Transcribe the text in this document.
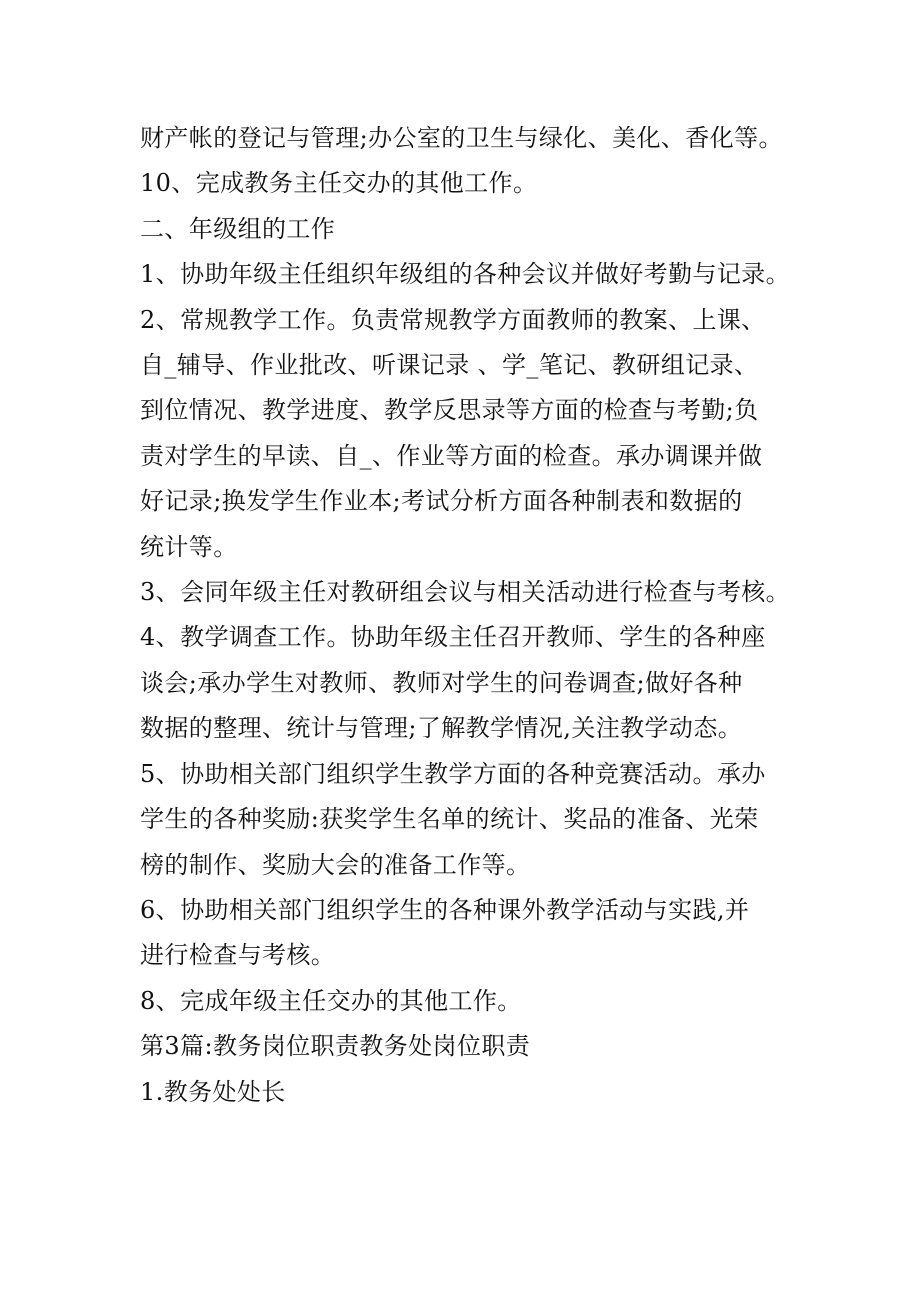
财产帐的登记与管理;办公室的卫生与绿化、美化、香化等。
10、完成教务主任交办的其他工作。
二、年级组的工作
1、协助年级主任组织年级组的各种会议并做好考勤与记录。
2、常规教学工作。负责常规教学方面教师的教案、上课、
自_辅导、作业批改、听课记录 、学_笔记、教研组记录、
到位情况、教学进度、教学反思录等方面的检查与考勤;负
责对学生的早读、自_、作业等方面的检查。承办调课并做
好记录;换发学生作业本;考试分析方面各种制表和数据的
统计等。
3、会同年级主任对教研组会议与相关活动进行检查与考核。
4、教学调查工作。协助年级主任召开教师、学生的各种座
谈会;承办学生对教师、教师对学生的问卷调查;做好各种
数据的整理、统计与管理;了解教学情况,关注教学动态。
5、协助相关部门组织学生教学方面的各种竞赛活动。承办
学生的各种奖励:获奖学生名单的统计、奖品的准备、光荣
榜的制作、奖励大会的准备工作等。
6、协助相关部门组织学生的各种课外教学活动与实践,并
进行检查与考核。
8、完成年级主任交办的其他工作。
第3篇:教务岗位职责教务处岗位职责
1.教务处处长
